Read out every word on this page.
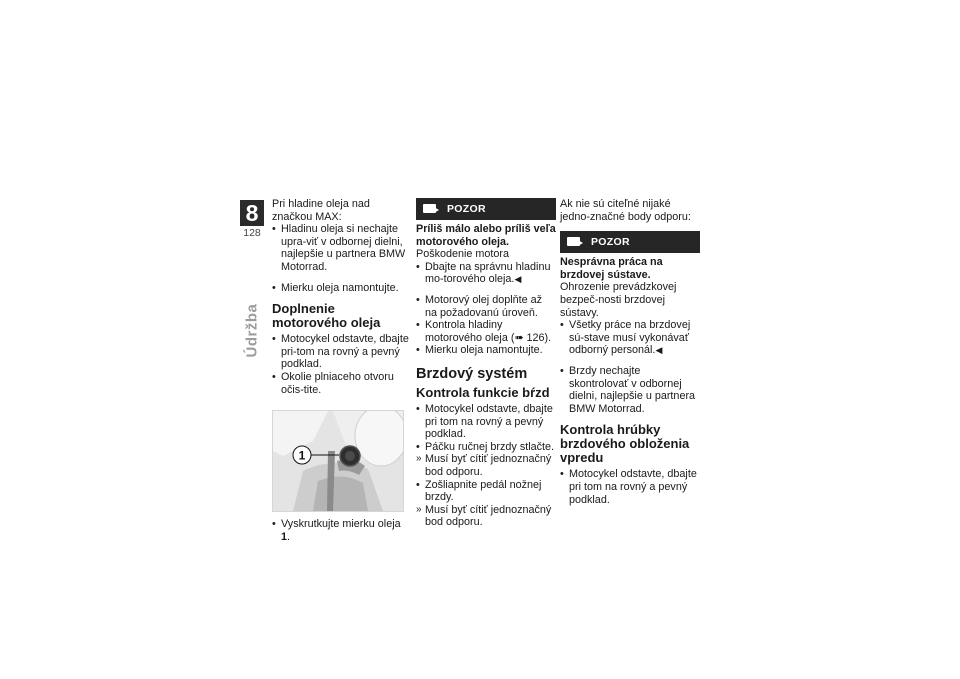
8
128
Údržba

Pri hladine oleja nad značkou MAX:

• Hladinu oleja si nechajte upra-viť v odbornej dielni, najlepšie u partnera BMW Motorrad.

• Mierku oleja namontujte.

Doplnenie motorového oleja

• Motocykel odstavte, dbajte pri-tom na rovný a pevný podklad.

• Okolie plniaceho otvoru očis-tite.

1

• Vyskrutkujte mierku oleja 1.

POZOR

Príliš málo alebo príliš veľa motorového oleja.

Poškodenie motora

• Dbajte na správnu hladinu mo-torového oleja.◀

• Motorový olej doplňte až na požadovanú úroveň.

• Kontrola hladiny motorového oleja (➠ 126).

• Mierku oleja namontujte.

Brzdový systém
Kontrola funkcie bŕzd

• Motocykel odstavte, dbajte pri tom na rovný a pevný podklad.

• Páčku ručnej brzdy stlačte.

» Musí byť cítiť jednoznačný bod odporu.

• Zošliapnite pedál nožnej brzdy.

» Musí byť cítiť jednoznačný bod odporu.

Ak nie sú citeľné nijaké jedno-značné body odporu:

POZOR

Nesprávna práca na brzdovej sústave.

Ohrozenie prevádzkovej bezpeč-nosti brzdovej sústavy.

• Všetky práce na brzdovej sú-stave musí vykonávať odborný personál.◀

• Brzdy nechajte skontrolovať v odbornej dielni, najlepšie u partnera BMW Motorrad.

Kontrola hrúbky brzdového obloženia vpredu

• Motocykel odstavte, dbajte pri tom na rovný a pevný podklad.
